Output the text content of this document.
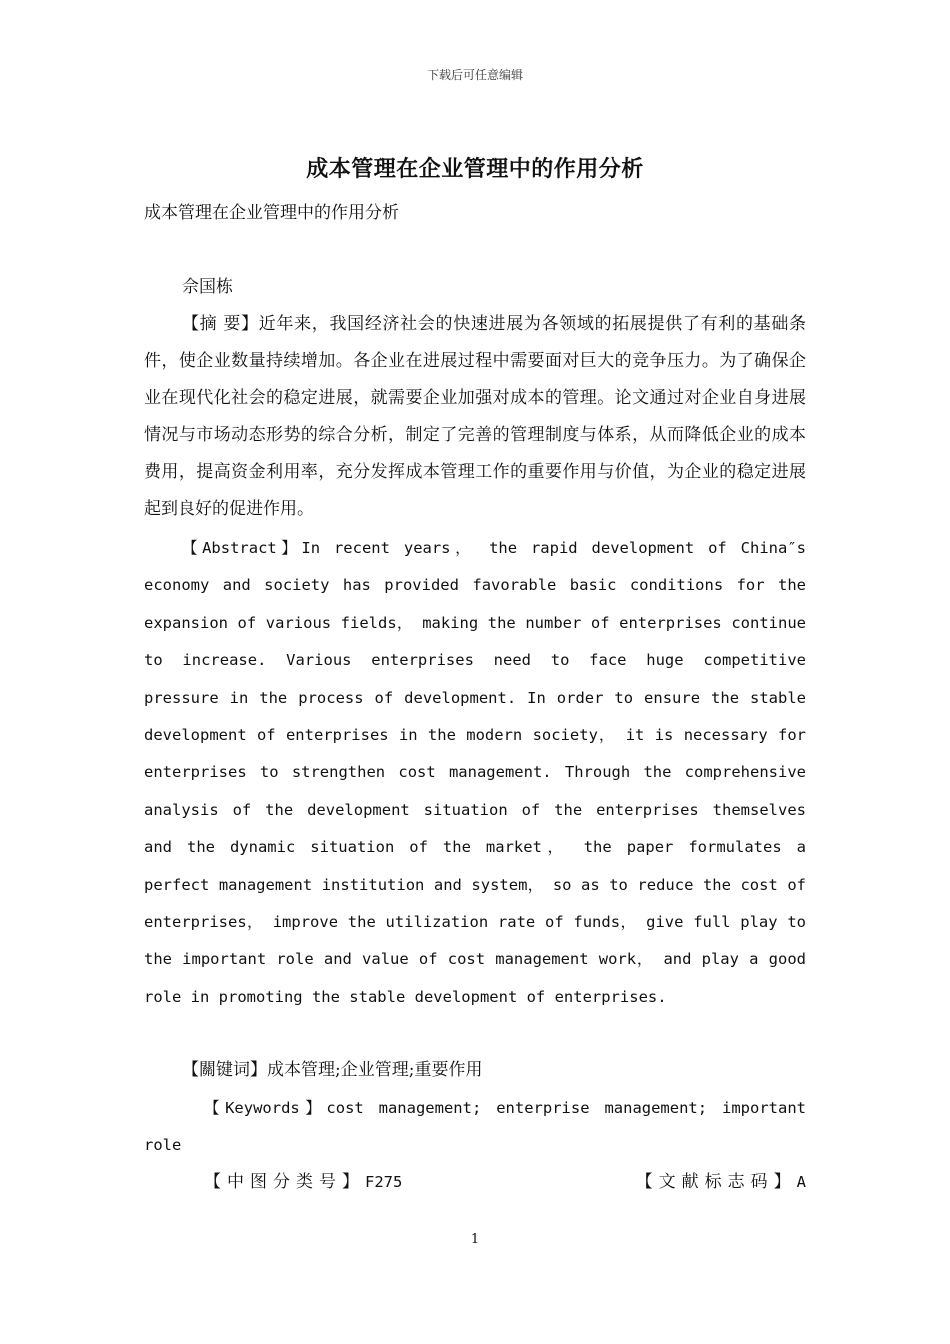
下载后可任意编辑
成本管理在企业管理中的作用分析
成本管理在企业管理中的作用分析
佘国栋
【摘 要】近年来，我国经济社会的快速进展为各领域的拓展提供了有利的基础条件，使企业数量持续增加。各企业在进展过程中需要面对巨大的竞争压力。为了确保企业在现代化社会的稳定进展，就需要企业加强对成本的管理。论文通过对企业自身进展情况与市场动态形势的综合分析，制定了完善的管理制度与体系，从而降低企业的成本费用，提高资金利用率，充分发挥成本管理工作的重要作用与价值，为企业的稳定进展起到良好的促进作用。
【Abstract】In recent years， the rapid development of China″s economy and society has provided favorable basic conditions for the expansion of various fields， making the number of enterprises continue to increase. Various enterprises need to face huge competitive pressure in the process of development. In order to ensure the stable development of enterprises in the modern society， it is necessary for enterprises to strengthen cost management. Through the comprehensive analysis of the development situation of the enterprises themselves and the dynamic situation of the market， the paper formulates a perfect management institution and system， so as to reduce the cost of enterprises， improve the utilization rate of funds， give full play to the important role and value of cost management work， and play a good role in promoting the stable development of enterprises.
【關键词】成本管理;企业管理;重要作用
【Keywords】cost management; enterprise management; important role
【中图分类号】F275	【文献标志码】A
1
